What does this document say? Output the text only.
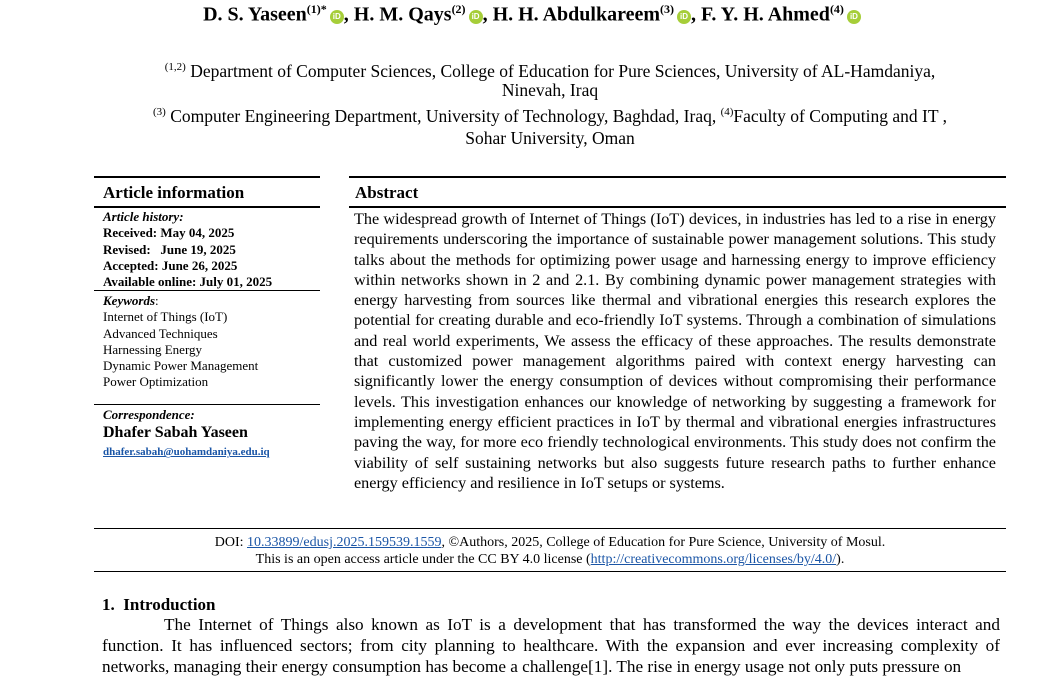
D. S. Yaseen$^{(1)*}$iD , H. M. Qays$^{(2)}$iD , H. H. Abdulkareem$^{(3)}$iD , F. Y. H. Ahmed$^{(4)}$iD
$^{(1,2)}$ Department of Computer Sciences, College of Education for Pure Sciences, University of AL-Hamdaniya,
Ninevah, Iraq
$^{(3)}$ Computer Engineering Department, University of Technology, Baghdad, Iraq, $^{(4)}$Faculty of Computing and IT ,
Sohar University, Oman
Article information	Abstract
Article history:
Received: May 04, 2025
Revised:   June 19, 2025
Accepted: June 26, 2025
Available online: July 01, 2025
Keywords:
Internet of Things (IoT)
Advanced Techniques
Harnessing Energy
Dynamic Power Management
Power Optimization
Correspondence:
Dhafer Sabah Yaseen
dhafer.sabah@uohamdaniya.edu.iq
The widespread growth of Internet of Things (IoT) devices, in industries has led to a rise in energy requirements underscoring the importance of sustainable power management solutions. This study talks about the methods for optimizing power usage and harnessing energy to improve efficiency within networks shown in 2 and 2.1. By combining dynamic power management strategies with energy harvesting from sources like thermal and vibrational energies this research explores the potential for creating durable and eco-friendly IoT systems. Through a combination of simulations and real world experiments, We assess the efficacy of these approaches. The results demonstrate that customized power management algorithms paired with context energy harvesting can significantly lower the energy consumption of devices without compromising their performance levels. This investigation enhances our knowledge of networking by suggesting a framework for implementing energy efficient practices in IoT by thermal and vibrational energies infrastructures paving the way, for more eco friendly technological environments. This study does not confirm the viability of self sustaining networks but also suggests future research paths to further enhance energy efficiency and resilience in IoT setups or systems.
DOI: 10.33899/edusj.2025.159539.1559, ©Authors, 2025, College of Education for Pure Science, University of Mosul.
This is an open access article under the CC BY 4.0 license (http://creativecommons.org/licenses/by/4.0/).
1.  Introduction
The Internet of Things also known as IoT is a development that has transformed the way the devices interact and function. It has influenced sectors; from city planning to healthcare. With the expansion and ever increasing complexity of networks, managing their energy consumption has become a challenge[1]. The rise in energy usage not only puts pressure on
